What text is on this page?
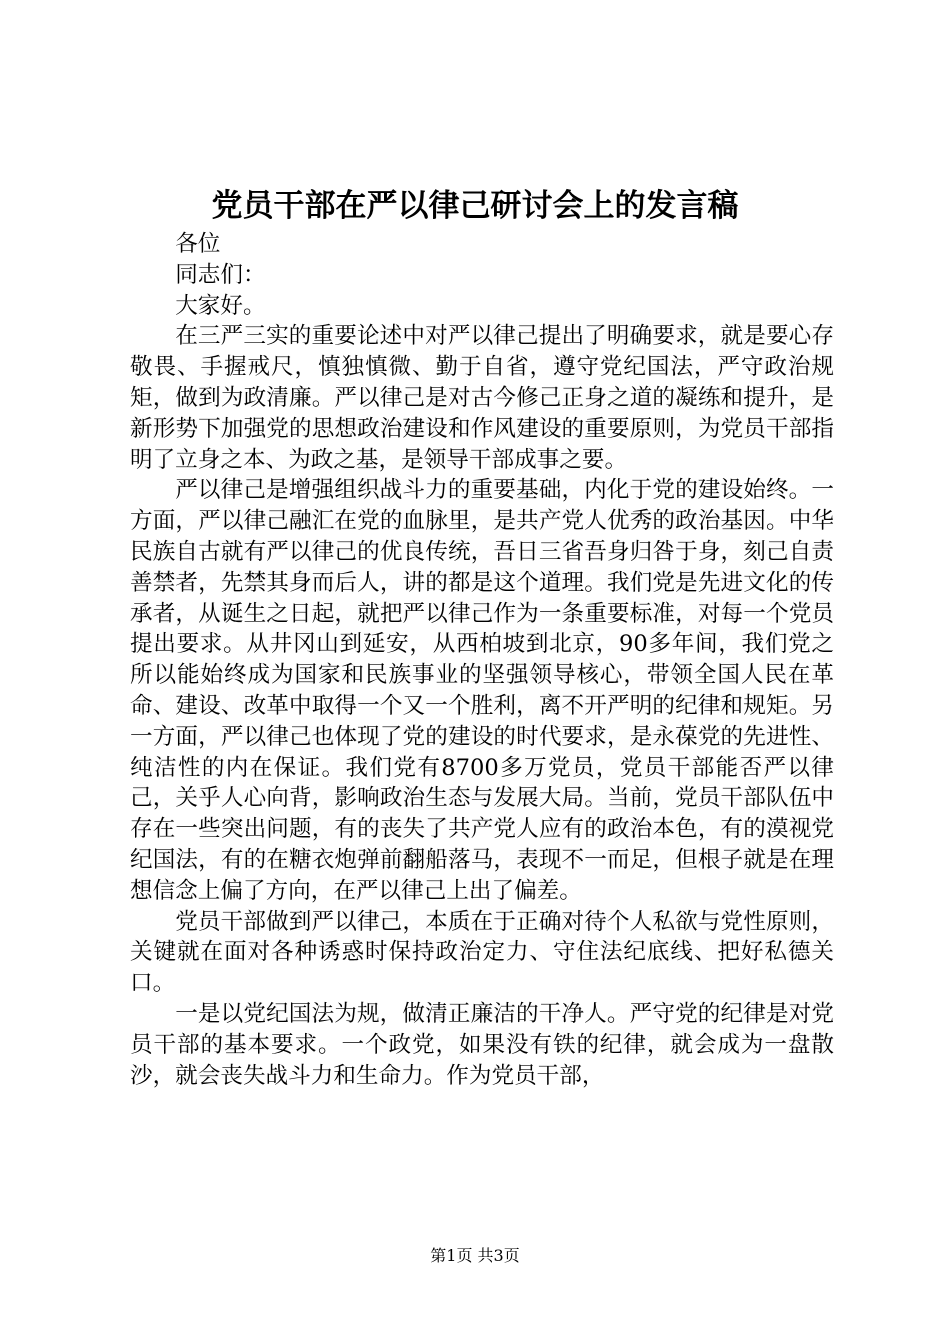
党员干部在严以律己研讨会上的发言稿

各位

同志们：

大家好。

在三严三实的重要论述中对严以律己提出了明确要求，就是要心存敬畏、手握戒尺，慎独慎微、勤于自省，遵守党纪国法，严守政治规矩，做到为政清廉。严以律己是对古今修己正身之道的凝练和提升，是新形势下加强党的思想政治建设和作风建设的重要原则，为党员干部指明了立身之本、为政之基，是领导干部成事之要。

严以律己是增强组织战斗力的重要基础，内化于党的建设始终。一方面，严以律己融汇在党的血脉里，是共产党人优秀的政治基因。中华民族自古就有严以律己的优良传统，吾日三省吾身归咎于身，刻己自责善禁者，先禁其身而后人，讲的都是这个道理。我们党是先进文化的传承者，从诞生之日起，就把严以律己作为一条重要标准，对每一个党员提出要求。从井冈山到延安，从西柏坡到北京，90多年间，我们党之所以能始终成为国家和民族事业的坚强领导核心，带领全国人民在革命、建设、改革中取得一个又一个胜利，离不开严明的纪律和规矩。另一方面，严以律己也体现了党的建设的时代要求，是永葆党的先进性、纯洁性的内在保证。我们党有8700多万党员，党员干部能否严以律己，关乎人心向背，影响政治生态与发展大局。当前，党员干部队伍中存在一些突出问题，有的丧失了共产党人应有的政治本色，有的漠视党纪国法，有的在糖衣炮弹前翻船落马，表现不一而足，但根子就是在理想信念上偏了方向，在严以律己上出了偏差。

党员干部做到严以律己，本质在于正确对待个人私欲与党性原则，关键就在面对各种诱惑时保持政治定力、守住法纪底线、把好私德关口。

一是以党纪国法为规，做清正廉洁的干净人。严守党的纪律是对党员干部的基本要求。一个政党，如果没有铁的纪律，就会成为一盘散沙，就会丧失战斗力和生命力。作为党员干部，

第1页 共3页
